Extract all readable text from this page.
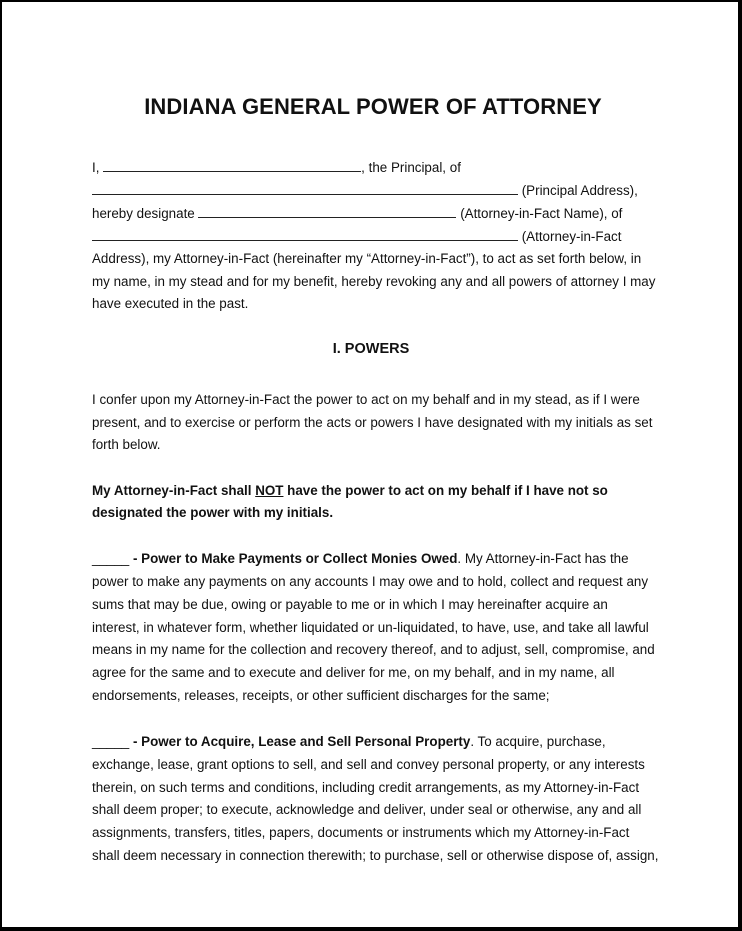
INDIANA GENERAL POWER OF ATTORNEY
I,	, the Principal, of
(Principal Address),
hereby designate	(Attorney-in-Fact Name), of
(Attorney-in-Fact
Address), my Attorney-in-Fact (hereinafter my “Attorney-in-Fact”), to act as set forth below, in
my name, in my stead and for my benefit, hereby revoking any and all powers of attorney I may
have executed in the past.
I. POWERS
I confer upon my Attorney-in-Fact the power to act on my behalf and in my stead, as if I were
present, and to exercise or perform the acts or powers I have designated with my initials as set
forth below.
My Attorney-in-Fact shall NOT have the power to act on my behalf if I have not so
designated the power with my initials.
_____ - Power to Make Payments or Collect Monies Owed. My Attorney-in-Fact has the
power to make any payments on any accounts I may owe and to hold, collect and request any
sums that may be due, owing or payable to me or in which I may hereinafter acquire an
interest, in whatever form, whether liquidated or un-liquidated, to have, use, and take all lawful
means in my name for the collection and recovery thereof, and to adjust, sell, compromise, and
agree for the same and to execute and deliver for me, on my behalf, and in my name, all
endorsements, releases, receipts, or other sufficient discharges for the same;
_____ - Power to Acquire, Lease and Sell Personal Property. To acquire, purchase,
exchange, lease, grant options to sell, and sell and convey personal property, or any interests
therein, on such terms and conditions, including credit arrangements, as my Attorney-in-Fact
shall deem proper; to execute, acknowledge and deliver, under seal or otherwise, any and all
assignments, transfers, titles, papers, documents or instruments which my Attorney-in-Fact
shall deem necessary in connection therewith; to purchase, sell or otherwise dispose of, assign,
